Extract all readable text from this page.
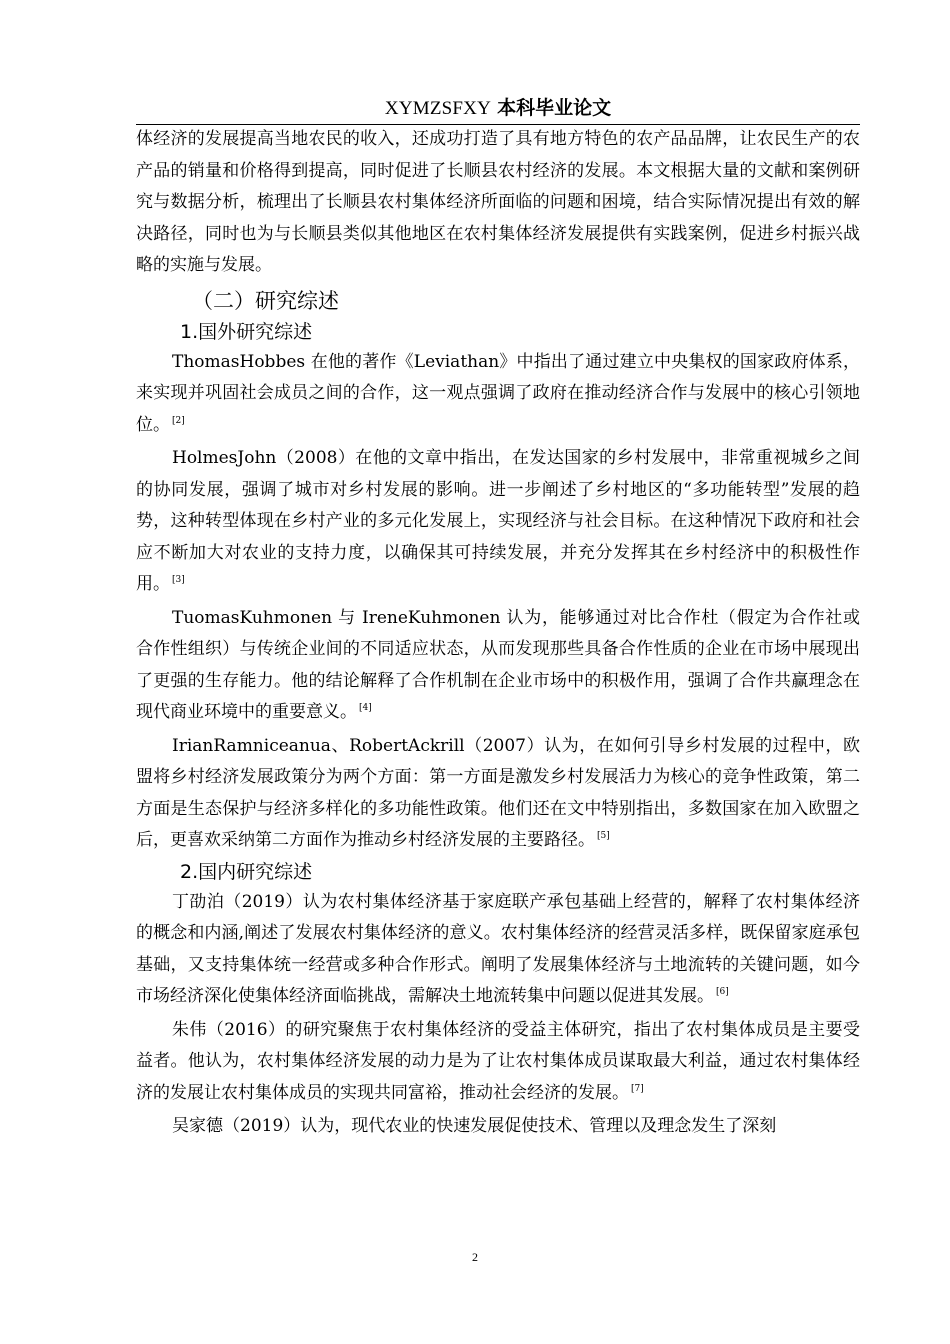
XYMZSFXY 本科毕业论文

体经济的发展提高当地农民的收入，还成功打造了具有地方特色的农产品品牌，让农民生产的农产品的销量和价格得到提高，同时促进了长顺县农村经济的发展。本文根据大量的文献和案例研究与数据分析，梳理出了长顺县农村集体经济所面临的问题和困境，结合实际情况提出有效的解决路径，同时也为与长顺县类似其他地区在农村集体经济发展提供有实践案例，促进乡村振兴战略的实施与发展。

（二）研究综述
1.国外研究综述

ThomasHobbes 在他的著作《Leviathan》中指出了通过建立中央集权的国家政府体系，来实现并巩固社会成员之间的合作，这一观点强调了政府在推动经济合作与发展中的核心引领地位。 [2]

HolmesJohn（2008）在他的文章中指出，在发达国家的乡村发展中，非常重视城乡之间的协同发展，强调了城市对乡村发展的影响。进一步阐述了乡村地区的“多功能转型”发展的趋势，这种转型体现在乡村产业的多元化发展上，实现经济与社会目标。在这种情况下政府和社会应不断加大对农业的支持力度，以确保其可持续发展，并充分发挥其在乡村经济中的积极性作用。 [3]

TuomasKuhmonen 与 IreneKuhmonen 认为，能够通过对比合作杜（假定为合作社或合作性组织）与传统企业间的不同适应状态，从而发现那些具备合作性质的企业在市场中展现出了更强的生存能力。他的结论解释了合作机制在企业市场中的积极作用，强调了合作共赢理念在现代商业环境中的重要意义。 [4]

IrianRamniceanua、RobertAckrill（2007）认为，在如何引导乡村发展的过程中，欧盟将乡村经济发展政策分为两个方面：第一方面是激发乡村发展活力为核心的竞争性政策，第二方面是生态保护与经济多样化的多功能性政策。他们还在文中特别指出，多数国家在加入欧盟之后，更喜欢采纳第二方面作为推动乡村经济发展的主要路径。 [5]

2.国内研究综述

丁劭泊（2019）认为农村集体经济基于家庭联产承包基础上经营的，解释了农村集体经济的概念和内涵,阐述了发展农村集体经济的意义。农村集体经济的经营灵活多样，既保留家庭承包基础，又支持集体统一经营或多种合作形式。阐明了发展集体经济与土地流转的关键问题，如今市场经济深化使集体经济面临挑战，需解决土地流转集中问题以促进其发展。 [6]

朱伟（2016）的研究聚焦于农村集体经济的受益主体研究，指出了农村集体成员是主要受益者。他认为，农村集体经济发展的动力是为了让农村集体成员谋取最大利益，通过农村集体经济的发展让农村集体成员的实现共同富裕，推动社会经济的发展。 [7]

吴家德（2019）认为，现代农业的快速发展促使技术、管理以及理念发生了深刻

2
